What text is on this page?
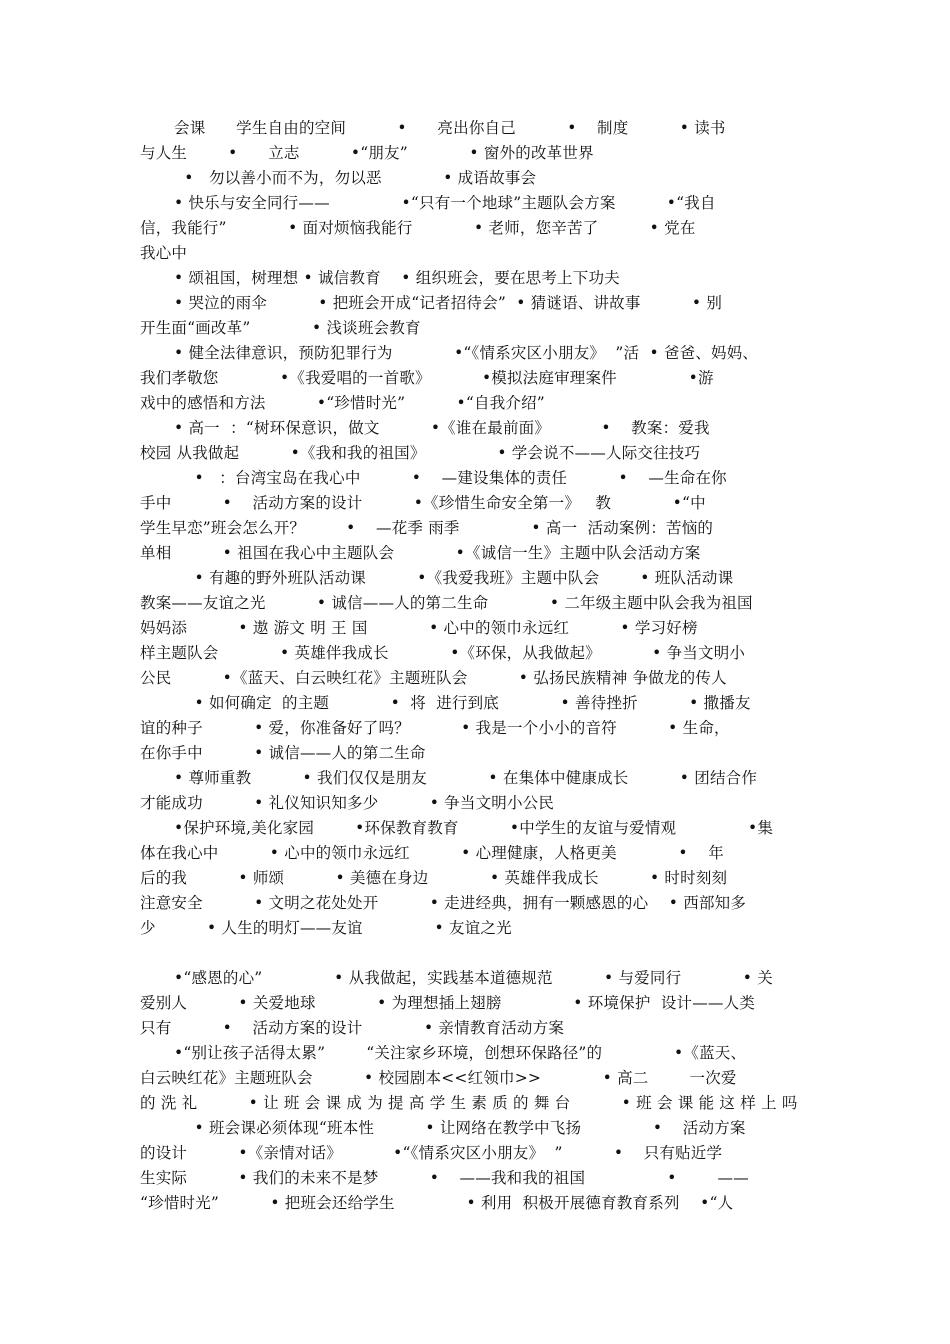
会课      学生自由的空间          •      亮出你自己          •    制度          • 读书
与人生        •      立志          •“朋友”            • 窗外的改革世界
•   勿以善小而不为，勿以恶            • 成语故事会
• 快乐与安全同行——              •“只有一个地球”主题队会方案          •“我自
信，我能行”            • 面对烦恼我能行            • 老师，您辛苦了          • 党在
我心中
• 颂祖国，树理想 • 诚信教育    • 组织班会，要在思考上下功夫
• 哭泣的雨伞          • 把班会开成“记者招待会”  • 猜谜语、讲故事          • 别
开生面“画改革”            • 浅谈班会教育
• 健全法律意识，预防犯罪行为            •“《情系灾区小朋友》  ”活  • 爸爸、妈妈、
我们孝敬您            •《我爱唱的一首歌》          •模拟法庭审理案件              •游
戏中的感悟和方法          •“珍惜时光”          •“自我介绍”
• 高一  ：“树环保意识，做文          •《谁在最前面》          •    教案：爱我
校园 从我做起          •《我和我的祖国》              • 学会说不——人际交往技巧
•   ：台湾宝岛在我心中          •    —建设集体的责任          •    —生命在你
手中          •    活动方案的设计          •《珍惜生命安全第一》   教            •“中
学生早恋”班会怎么开？        •    —花季 雨季              • 高一  活动案例：苦恼的
单相          • 祖国在我心中主题队会            •《诚信一生》主题中队会活动方案
• 有趣的野外班队活动课          •《我爱我班》主题中队会        • 班队活动课
教案——友谊之光          • 诚信——人的第二生命            • 二年级主题中队会我为祖国
妈妈添          • 遨 游文 明 王 国            • 心中的领巾永远红          • 学习好榜
样主题队会            • 英雄伴我成长            •《环保，从我做起》          • 争当文明小
公民          •《蓝天、白云映红花》主题班队会          • 弘扬民族精神 争做龙的传人
• 如何确定  的主题            •  将  进行到底            • 善待挫折          • 撒播友
谊的种子          • 爱，你准备好了吗？          • 我是一个小小的音符          • 生命，
在你手中          • 诚信——人的第二生命
• 尊师重教          • 我们仅仅是朋友            • 在集体中健康成长          • 团结合作
才能成功          • 礼仪知识知多少          • 争当文明小公民
•保护环境,美化家园        •环保教育教育          •中学生的友谊与爱情观              •集
体在我心中          • 心中的领巾永远红          • 心理健康，人格更美            •    年
后的我          • 师颂          • 美德在身边            • 英雄伴我成长          • 时时刻刻
注意安全          • 文明之花处处开          • 走进经典，拥有一颗感恩的心    • 西部知多
少          • 人生的明灯——友谊              • 友谊之光
•“感恩的心”              • 从我做起，实践基本道德规范          • 与爱同行            • 关
爱别人          • 关爱地球            • 为理想插上翅膀              • 环境保护  设计——人类
只有          •    活动方案的设计            • 亲情教育活动方案
•“别让孩子活得太累”        “关注家乡环境，创想环保路径”的              •《蓝天、
白云映红花》主题班队会          • 校园剧本<<红领巾>>            • 高二        一次爱
的 洗 礼          • 让 班 会 课 成 为 提 高 学 生 素 质 的 舞 台          • 班 会 课 能 这 样 上 吗
• 班会课必须体现“班本性          • 让网络在教学中飞扬              •    活动方案
的设计          •《亲情对话》          •“《情系灾区小朋友》  ”          •    只有贴近学
生实际          • 我们的未来不是梦          •    ——我和我的祖国                •        ——
“珍惜时光”          • 把班会还给学生              • 利用  积极开展德育教育系列    •“人
